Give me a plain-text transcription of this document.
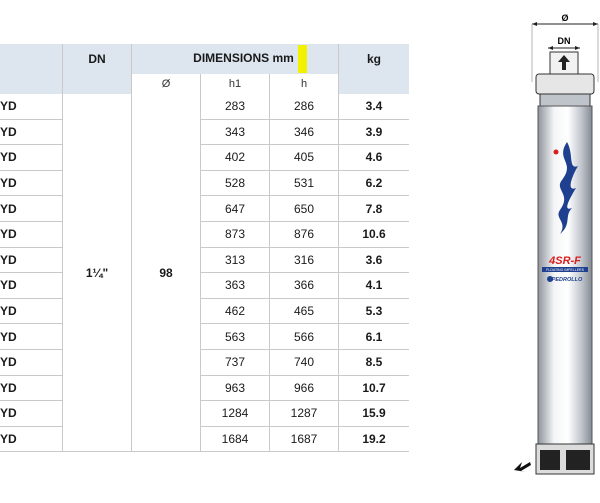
	DN	DIMENSIONS mm			kg
		Ø	h1	h	
YD	1¼"	98	283	286	3.4
YD			343	346	3.9
YD			402	405	4.6
YD			528	531	6.2
YD			647	650	7.8
YD			873	876	10.6
YD			313	316	3.6
YD			363	366	4.1
YD			462	465	5.3
YD			563	566	6.1
YD			737	740	8.5
YD			963	966	10.7
YD			1284	1287	15.9
YD			1684	1687	19.2
Ø
DN
4SR-F
FLOATING IMPELLERS
PEDROLLO
